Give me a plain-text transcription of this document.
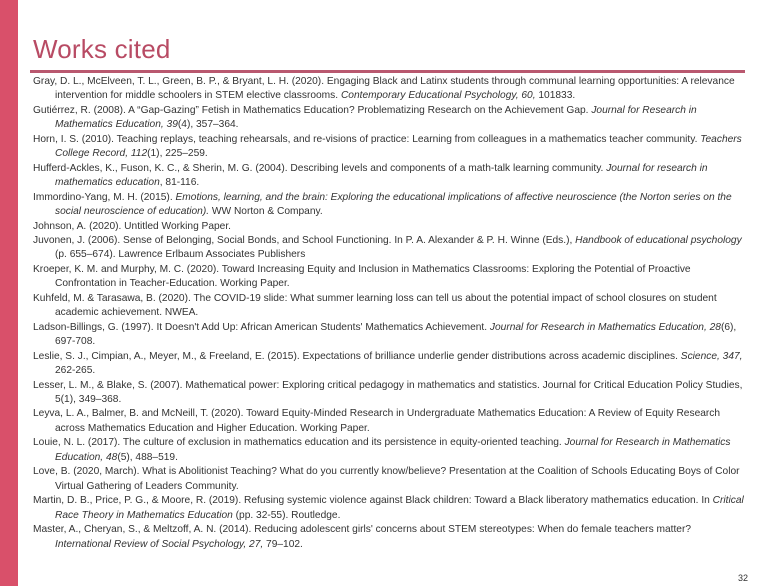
Works cited

Gray, D. L., McElveen, T. L., Green, B. P., & Bryant, L. H. (2020). Engaging Black and Latinx students through communal learning opportunities: A relevance intervention for middle schoolers in STEM elective classrooms. Contemporary Educational Psychology, 60, 101833.

Gutiérrez, R. (2008). A “Gap-Gazing” Fetish in Mathematics Education? Problematizing Research on the Achievement Gap. Journal for Research in Mathematics Education, 39(4), 357–364.

Horn, I. S. (2010). Teaching replays, teaching rehearsals, and re-visions of practice: Learning from colleagues in a mathematics teacher community. Teachers College Record, 112(1), 225–259.

Hufferd-Ackles, K., Fuson, K. C., & Sherin, M. G. (2004). Describing levels and components of a math-talk learning community. Journal for research in mathematics education, 81-116.

Immordino-Yang, M. H. (2015). Emotions, learning, and the brain: Exploring the educational implications of affective neuroscience (the Norton series on the social neuroscience of education). WW Norton & Company.

Johnson, A. (2020). Untitled Working Paper.

Juvonen, J. (2006). Sense of Belonging, Social Bonds, and School Functioning. In P. A. Alexander & P. H. Winne (Eds.), Handbook of educational psychology (p. 655–674). Lawrence Erlbaum Associates Publishers

Kroeper, K. M. and Murphy, M. C. (2020). Toward Increasing Equity and Inclusion in Mathematics Classrooms: Exploring the Potential of Proactive Confrontation in Teacher-Education. Working Paper.

Kuhfeld, M. & Tarasawa, B. (2020). The COVID-19 slide: What summer learning loss can tell us about the potential impact of school closures on student academic achievement. NWEA.

Ladson-Billings, G. (1997). It Doesn't Add Up: African American Students' Mathematics Achievement. Journal for Research in Mathematics Education, 28(6), 697-708.

Leslie, S. J., Cimpian, A., Meyer, M., & Freeland, E. (2015). Expectations of brilliance underlie gender distributions across academic disciplines. Science, 347, 262-265.

Lesser, L. M., & Blake, S. (2007). Mathematical power: Exploring critical pedagogy in mathematics and statistics. Journal for Critical Education Policy Studies, 5(1), 349–368.

Leyva, L. A., Balmer, B. and McNeill, T. (2020). Toward Equity-Minded Research in Undergraduate Mathematics Education: A Review of Equity Research across Mathematics Education and Higher Education. Working Paper.

Louie, N. L. (2017). The culture of exclusion in mathematics education and its persistence in equity-oriented teaching. Journal for Research in Mathematics Education, 48(5), 488–519.

Love, B. (2020, March). What is Abolitionist Teaching? What do you currently know/believe? Presentation at the Coalition of Schools Educating Boys of Color Virtual Gathering of Leaders Community.

Martin, D. B., Price, P. G., & Moore, R. (2019). Refusing systemic violence against Black children: Toward a Black liberatory mathematics education. In Critical Race Theory in Mathematics Education (pp. 32-55). Routledge.

Master, A., Cheryan, S., & Meltzoff, A. N. (2014). Reducing adolescent girls' concerns about STEM stereotypes: When do female teachers matter? International Review of Social Psychology, 27, 79–102.

32
